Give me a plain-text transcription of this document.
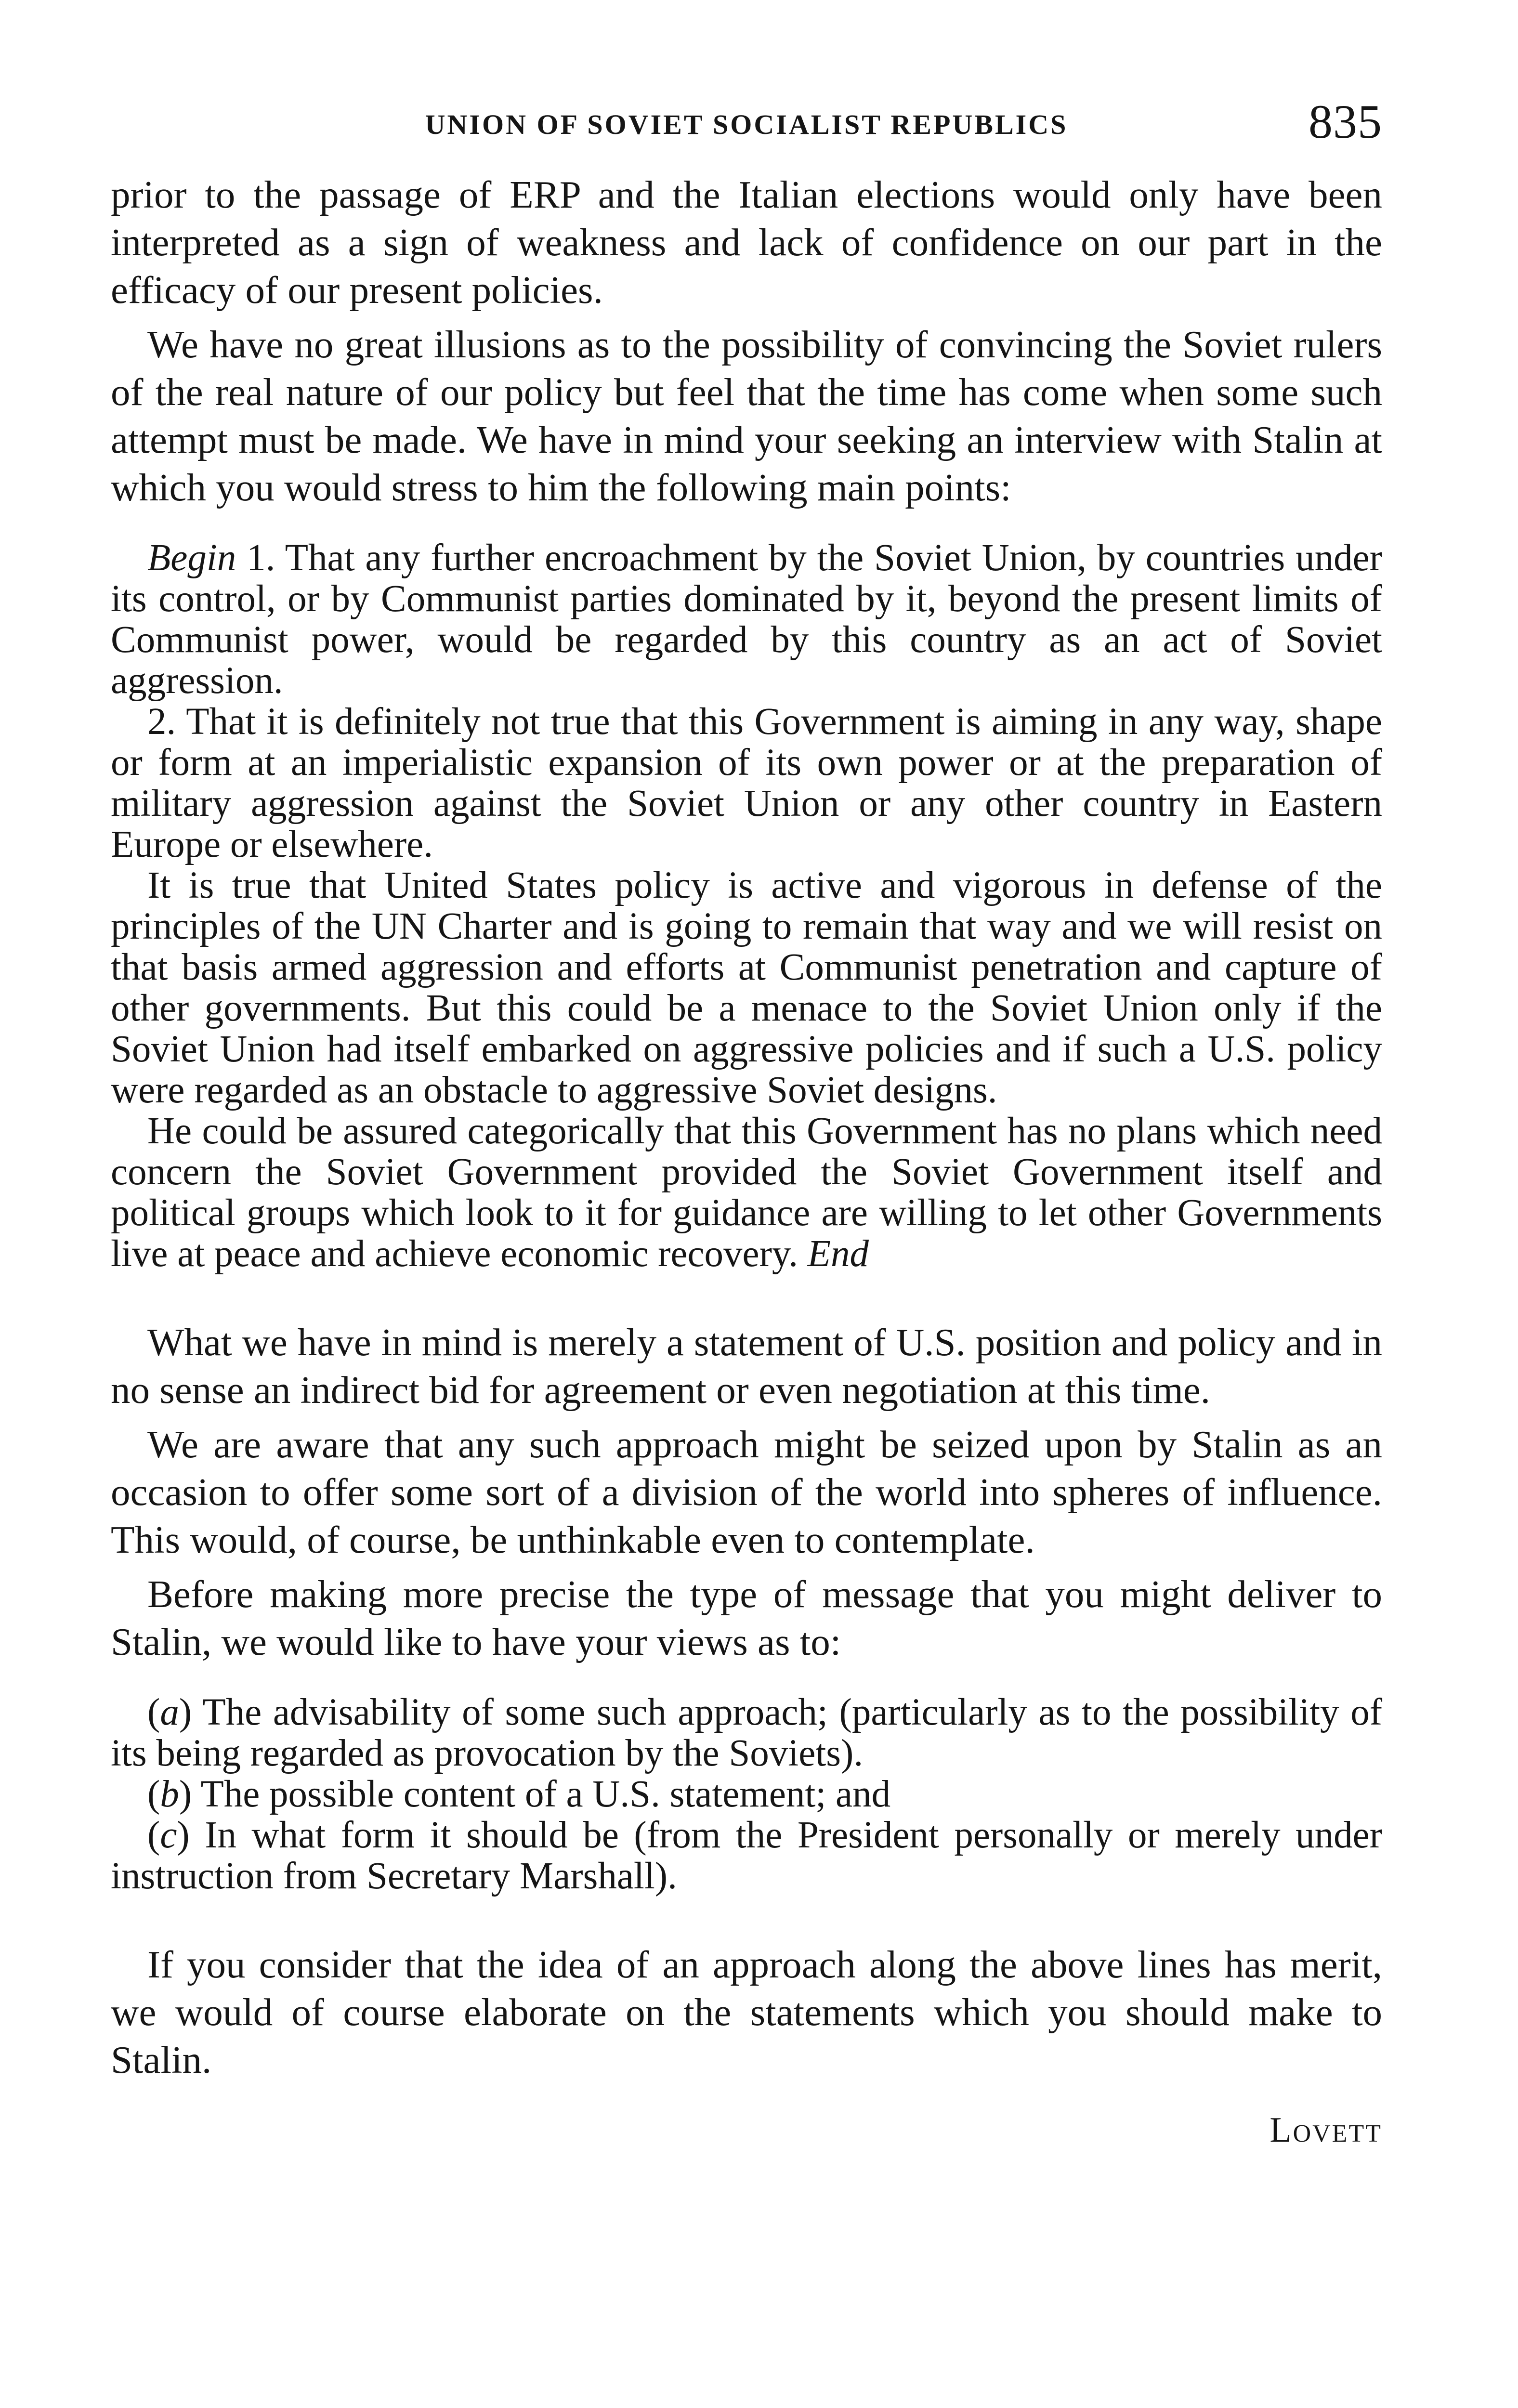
UNION OF SOVIET SOCIALIST REPUBLICS	835

prior to the passage of ERP and the Italian elections would only have been interpreted as a sign of weakness and lack of confidence on our part in the efficacy of our present policies.

We have no great illusions as to the possibility of convincing the Soviet rulers of the real nature of our policy but feel that the time has come when some such attempt must be made. We have in mind your seeking an interview with Stalin at which you would stress to him the following main points:

Begin 1. That any further encroachment by the Soviet Union, by countries under its control, or by Communist parties dominated by it, beyond the present limits of Communist power, would be regarded by this country as an act of Soviet aggression.

2. That it is definitely not true that this Government is aiming in any way, shape or form at an imperialistic expansion of its own power or at the preparation of military aggression against the Soviet Union or any other country in Eastern Europe or elsewhere.

It is true that United States policy is active and vigorous in defense of the principles of the UN Charter and is going to remain that way and we will resist on that basis armed aggression and efforts at Communist penetration and capture of other governments. But this could be a menace to the Soviet Union only if the Soviet Union had itself embarked on aggressive policies and if such a U.S. policy were regarded as an obstacle to aggressive Soviet designs.

He could be assured categorically that this Government has no plans which need concern the Soviet Government provided the Soviet Government itself and political groups which look to it for guidance are willing to let other Governments live at peace and achieve economic recovery. End

What we have in mind is merely a statement of U.S. position and policy and in no sense an indirect bid for agreement or even negotiation at this time.

We are aware that any such approach might be seized upon by Stalin as an occasion to offer some sort of a division of the world into spheres of influence. This would, of course, be unthinkable even to contemplate.

Before making more precise the type of message that you might deliver to Stalin, we would like to have your views as to:

(a) The advisability of some such approach; (particularly as to the possibility of its being regarded as provocation by the Soviets).

(b) The possible content of a U.S. statement; and

(c) In what form it should be (from the President personally or merely under instruction from Secretary Marshall).

If you consider that the idea of an approach along the above lines has merit, we would of course elaborate on the statements which you should make to Stalin.

Lovett
